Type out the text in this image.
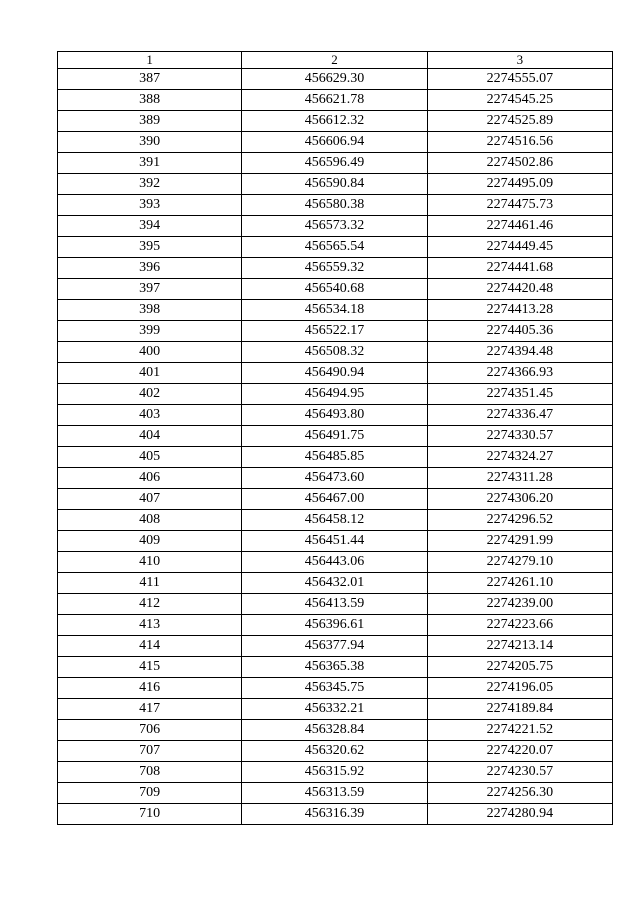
1	2	3
387	456629.30	2274555.07
388	456621.78	2274545.25
389	456612.32	2274525.89
390	456606.94	2274516.56
391	456596.49	2274502.86
392	456590.84	2274495.09
393	456580.38	2274475.73
394	456573.32	2274461.46
395	456565.54	2274449.45
396	456559.32	2274441.68
397	456540.68	2274420.48
398	456534.18	2274413.28
399	456522.17	2274405.36
400	456508.32	2274394.48
401	456490.94	2274366.93
402	456494.95	2274351.45
403	456493.80	2274336.47
404	456491.75	2274330.57
405	456485.85	2274324.27
406	456473.60	2274311.28
407	456467.00	2274306.20
408	456458.12	2274296.52
409	456451.44	2274291.99
410	456443.06	2274279.10
411	456432.01	2274261.10
412	456413.59	2274239.00
413	456396.61	2274223.66
414	456377.94	2274213.14
415	456365.38	2274205.75
416	456345.75	2274196.05
417	456332.21	2274189.84
706	456328.84	2274221.52
707	456320.62	2274220.07
708	456315.92	2274230.57
709	456313.59	2274256.30
710	456316.39	2274280.94
